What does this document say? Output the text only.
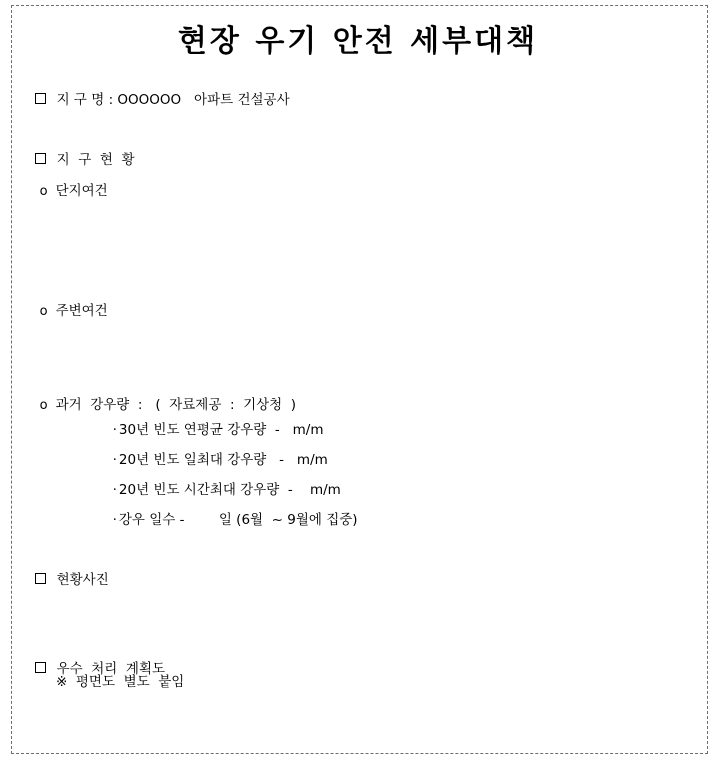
현장 우기 안전 세부대책

지 구 명 : OOOOOO   아파트 건설공사

지  구  현  황

o 단지여건

o 주변여건

o 과거  강우량  :   (  자료제공  :  기상청  )

· 30년 빈도 연평균 강우량  -   m/m

· 20년 빈도 일최대 강우량   -   m/m

· 20년 빈도 시간최대 강우량  -    m/m

· 강우 일수 -        일 (6월  ~ 9월에 집중)

현황사진

우수  처리  계획도

※  평면도  별도  붙임
